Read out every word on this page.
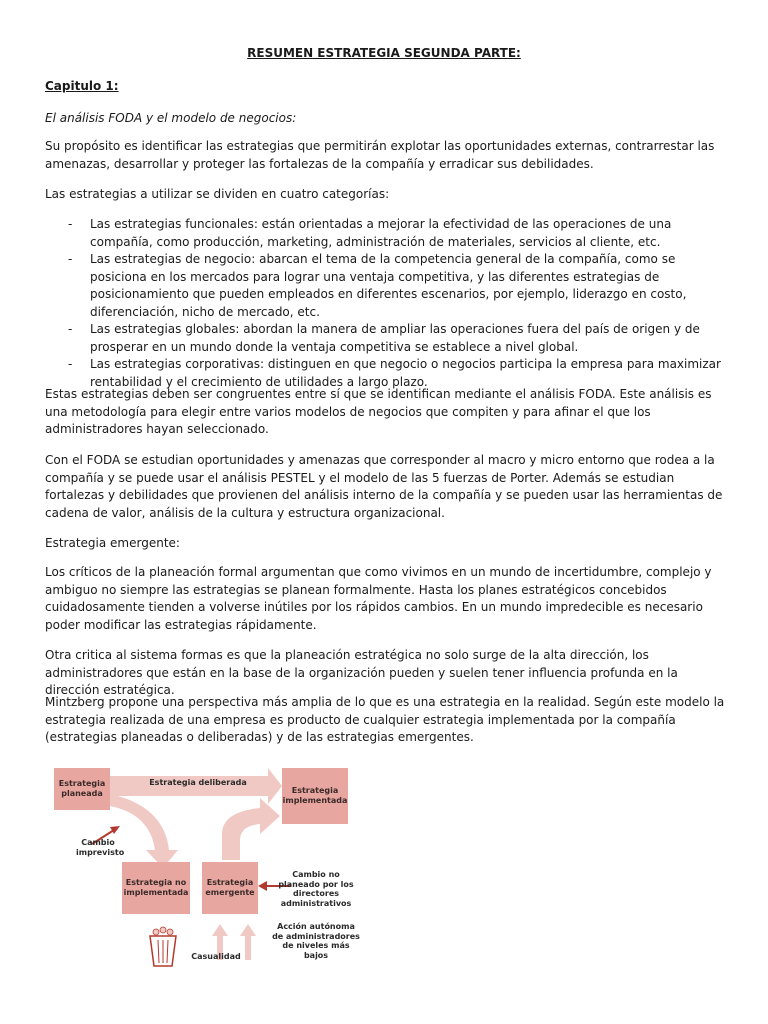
RESUMEN ESTRATEGIA SEGUNDA PARTE:

Capitulo 1:

El análisis FODA y el modelo de negocios:

Su propósito es identificar las estrategias que permitirán explotar las oportunidades externas, contrarrestar las amenazas, desarrollar y proteger las fortalezas de la compañía y erradicar sus debilidades.

Las estrategias a utilizar se dividen en cuatro categorías:

- Las estrategias funcionales: están orientadas a mejorar la efectividad de las operaciones de una compañía, como producción, marketing, administración de materiales, servicios al cliente, etc.
- Las estrategias de negocio: abarcan el tema de la competencia general de la compañía, como se posiciona en los mercados para lograr una ventaja competitiva, y las diferentes estrategias de posicionamiento que pueden empleados en diferentes escenarios, por ejemplo, liderazgo en costo, diferenciación, nicho de mercado, etc.
- Las estrategias globales: abordan la manera de ampliar las operaciones fuera del país de origen y de prosperar en un mundo donde la ventaja competitiva se establece a nivel global.
- Las estrategias corporativas: distinguen en que negocio o negocios participa la empresa para maximizar rentabilidad y el crecimiento de utilidades a largo plazo.

Estas estrategias deben ser congruentes entre sí que se identifican mediante el análisis FODA. Este análisis es una metodología para elegir entre varios modelos de negocios que compiten y para afinar el que los administradores hayan seleccionado.

Con el FODA se estudian oportunidades y amenazas que corresponder al macro y micro entorno que rodea a la compañía y se puede usar el análisis PESTEL y el modelo de las 5 fuerzas de Porter. Además se estudian fortalezas y debilidades que provienen del análisis interno de la compañía y se pueden usar las herramientas de cadena de valor, análisis de la cultura y estructura organizacional.

Estrategia emergente:

Los críticos de la planeación formal argumentan que como vivimos en un mundo de incertidumbre, complejo y ambiguo no siempre las estrategias se planean formalmente. Hasta los planes estratégicos concebidos cuidadosamente tienden a volverse inútiles por los rápidos cambios. En un mundo impredecible es necesario poder modificar las estrategias rápidamente.

Otra critica al sistema formas es que la planeación estratégica no solo surge de la alta dirección, los administradores que están en la base de la organización pueden y suelen tener influencia profunda en la dirección estratégica.

Mintzberg propone una perspectiva más amplia de lo que es una estrategia en la realidad. Según este modelo la estrategia realizada de una empresa es producto de cualquier estrategia implementada por la compañía (estrategias planeadas o deliberadas) y de las estrategias emergentes.

Estrategia planeada
Estrategia deliberada
Estrategia implementada
Cambio imprevisto
Estrategia no implementada
Estrategia emergente
Cambio no planeado por los directores administrativos
Acción autónoma de administradores de niveles más bajos
Casualidad
